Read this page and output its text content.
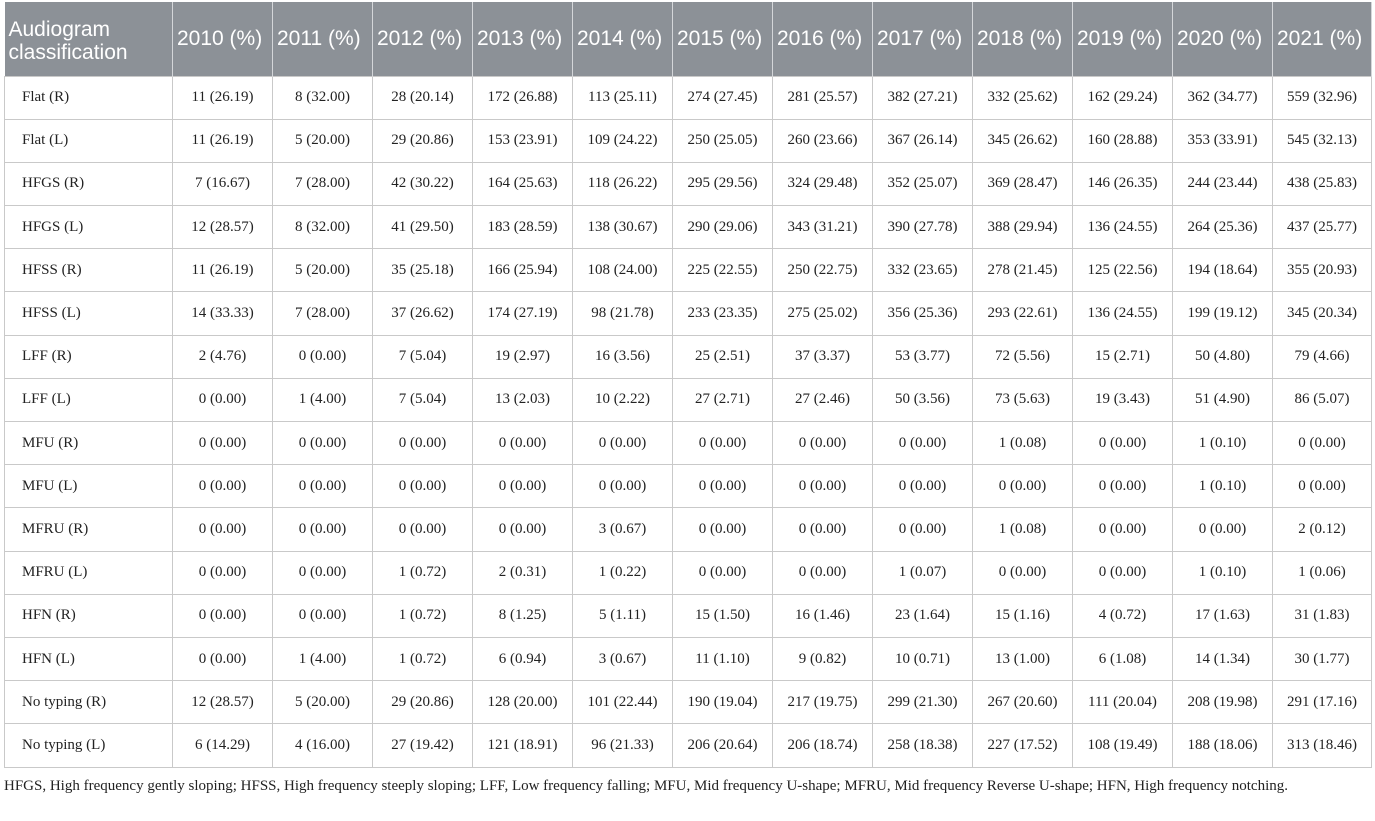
Audiogram classification	2010 (%)	2011 (%)	2012 (%)	2013 (%)	2014 (%)	2015 (%)	2016 (%)	2017 (%)	2018 (%)	2019 (%)	2020 (%)	2021 (%)
Flat (R)	11 (26.19)	8 (32.00)	28 (20.14)	172 (26.88)	113 (25.11)	274 (27.45)	281 (25.57)	382 (27.21)	332 (25.62)	162 (29.24)	362 (34.77)	559 (32.96)
Flat (L)	11 (26.19)	5 (20.00)	29 (20.86)	153 (23.91)	109 (24.22)	250 (25.05)	260 (23.66)	367 (26.14)	345 (26.62)	160 (28.88)	353 (33.91)	545 (32.13)
HFGS (R)	7 (16.67)	7 (28.00)	42 (30.22)	164 (25.63)	118 (26.22)	295 (29.56)	324 (29.48)	352 (25.07)	369 (28.47)	146 (26.35)	244 (23.44)	438 (25.83)
HFGS (L)	12 (28.57)	8 (32.00)	41 (29.50)	183 (28.59)	138 (30.67)	290 (29.06)	343 (31.21)	390 (27.78)	388 (29.94)	136 (24.55)	264 (25.36)	437 (25.77)
HFSS (R)	11 (26.19)	5 (20.00)	35 (25.18)	166 (25.94)	108 (24.00)	225 (22.55)	250 (22.75)	332 (23.65)	278 (21.45)	125 (22.56)	194 (18.64)	355 (20.93)
HFSS (L)	14 (33.33)	7 (28.00)	37 (26.62)	174 (27.19)	98 (21.78)	233 (23.35)	275 (25.02)	356 (25.36)	293 (22.61)	136 (24.55)	199 (19.12)	345 (20.34)
LFF (R)	2 (4.76)	0 (0.00)	7 (5.04)	19 (2.97)	16 (3.56)	25 (2.51)	37 (3.37)	53 (3.77)	72 (5.56)	15 (2.71)	50 (4.80)	79 (4.66)
LFF (L)	0 (0.00)	1 (4.00)	7 (5.04)	13 (2.03)	10 (2.22)	27 (2.71)	27 (2.46)	50 (3.56)	73 (5.63)	19 (3.43)	51 (4.90)	86 (5.07)
MFU (R)	0 (0.00)	0 (0.00)	0 (0.00)	0 (0.00)	0 (0.00)	0 (0.00)	0 (0.00)	0 (0.00)	1 (0.08)	0 (0.00)	1 (0.10)	0 (0.00)
MFU (L)	0 (0.00)	0 (0.00)	0 (0.00)	0 (0.00)	0 (0.00)	0 (0.00)	0 (0.00)	0 (0.00)	0 (0.00)	0 (0.00)	1 (0.10)	0 (0.00)
MFRU (R)	0 (0.00)	0 (0.00)	0 (0.00)	0 (0.00)	3 (0.67)	0 (0.00)	0 (0.00)	0 (0.00)	1 (0.08)	0 (0.00)	0 (0.00)	2 (0.12)
MFRU (L)	0 (0.00)	0 (0.00)	1 (0.72)	2 (0.31)	1 (0.22)	0 (0.00)	0 (0.00)	1 (0.07)	0 (0.00)	0 (0.00)	1 (0.10)	1 (0.06)
HFN (R)	0 (0.00)	0 (0.00)	1 (0.72)	8 (1.25)	5 (1.11)	15 (1.50)	16 (1.46)	23 (1.64)	15 (1.16)	4 (0.72)	17 (1.63)	31 (1.83)
HFN (L)	0 (0.00)	1 (4.00)	1 (0.72)	6 (0.94)	3 (0.67)	11 (1.10)	9 (0.82)	10 (0.71)	13 (1.00)	6 (1.08)	14 (1.34)	30 (1.77)
No typing (R)	12 (28.57)	5 (20.00)	29 (20.86)	128 (20.00)	101 (22.44)	190 (19.04)	217 (19.75)	299 (21.30)	267 (20.60)	111 (20.04)	208 (19.98)	291 (17.16)
No typing (L)	6 (14.29)	4 (16.00)	27 (19.42)	121 (18.91)	96 (21.33)	206 (20.64)	206 (18.74)	258 (18.38)	227 (17.52)	108 (19.49)	188 (18.06)	313 (18.46)
HFGS, High frequency gently sloping; HFSS, High frequency steeply sloping; LFF, Low frequency falling; MFU, Mid frequency U-shape; MFRU, Mid frequency Reverse U-shape; HFN, High frequency notching.
